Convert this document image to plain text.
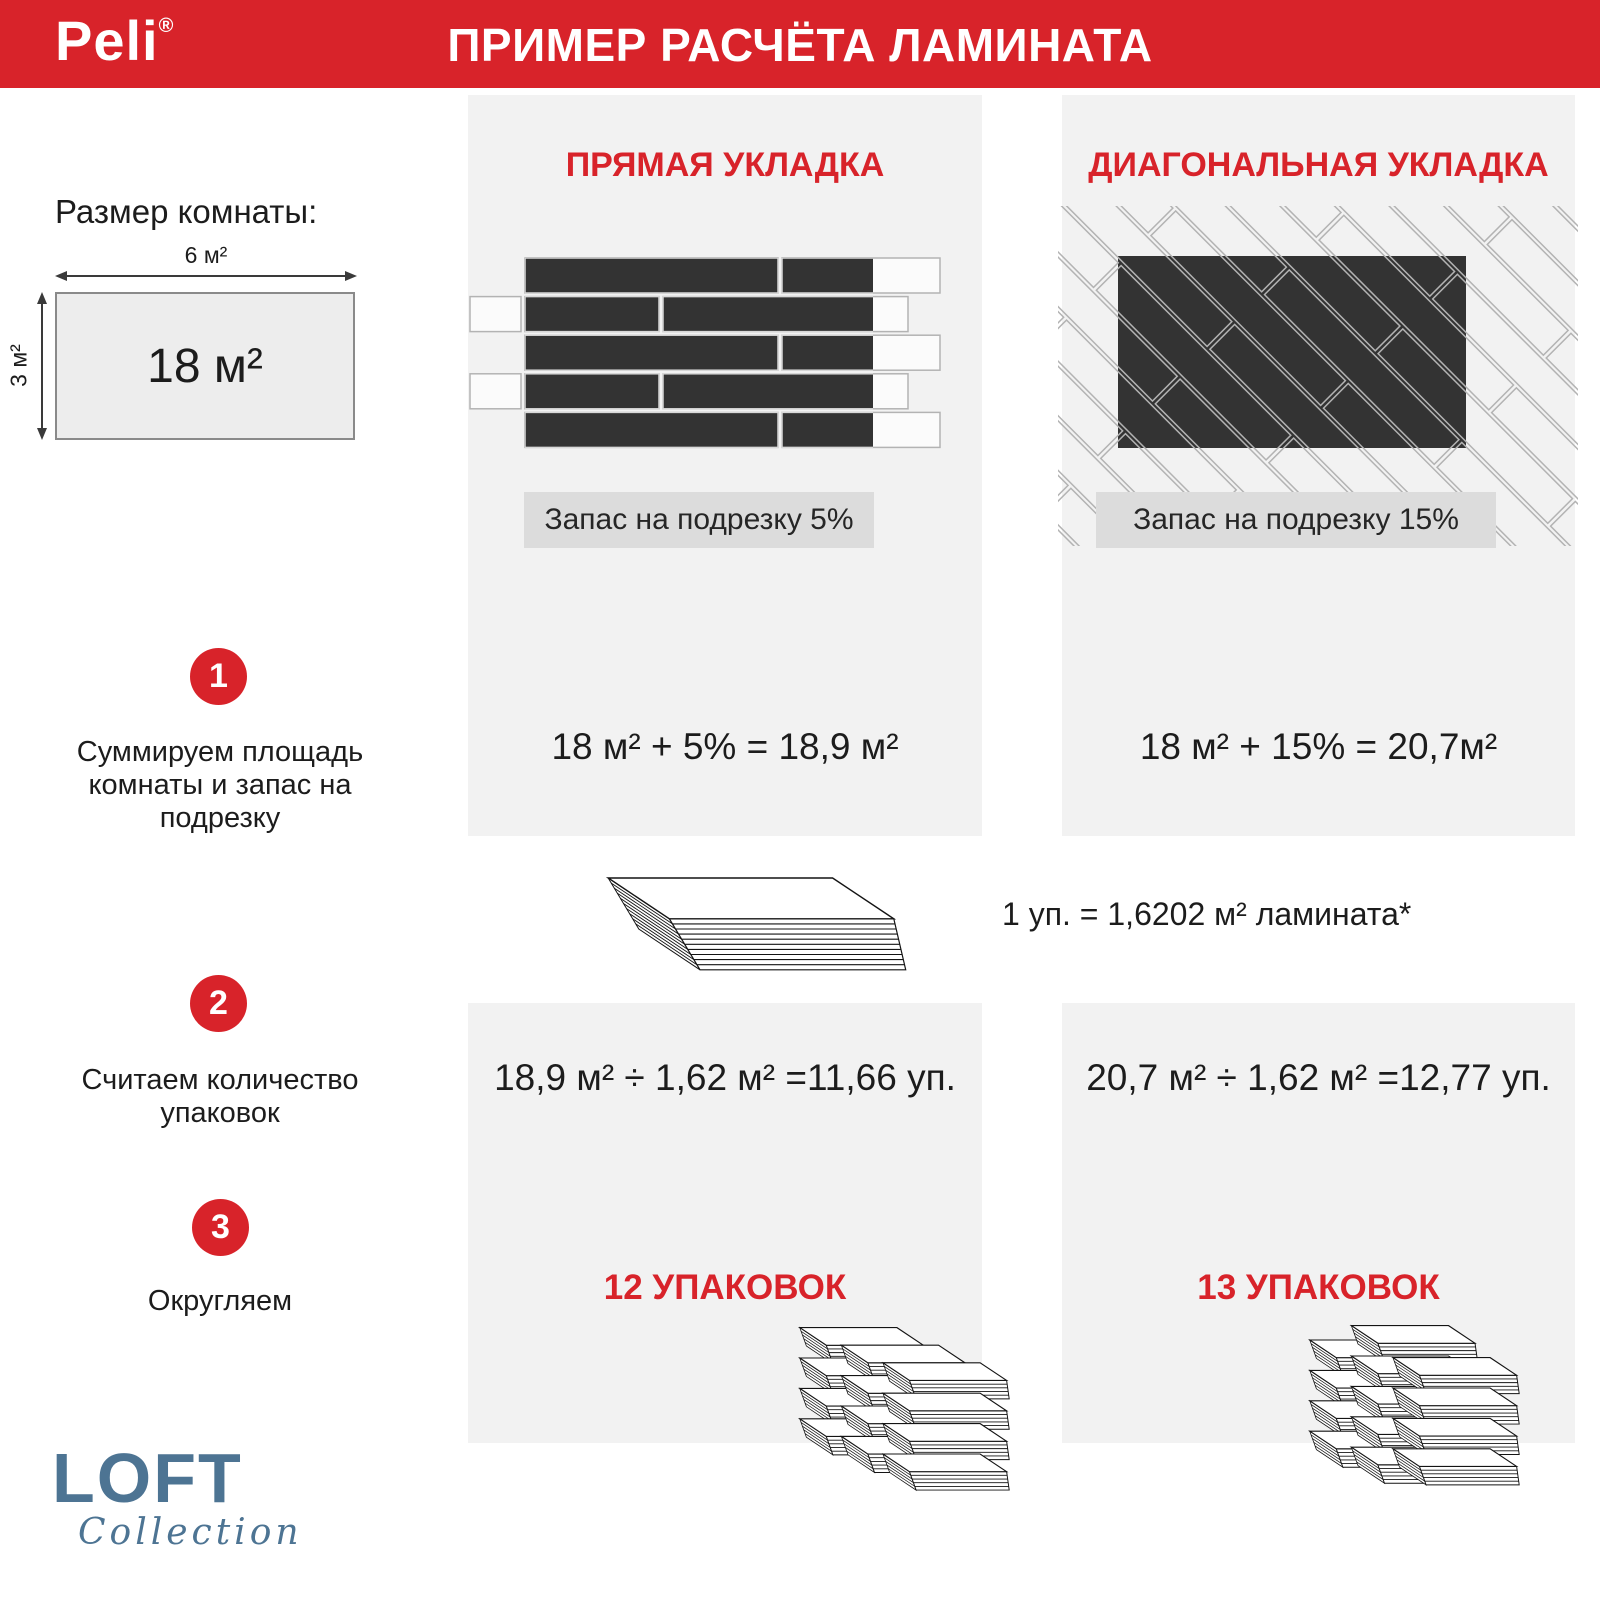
Peli®	ПРИМЕР РАСЧЁТА ЛАМИНАТА
Размер комнаты:
6 м²
3 м² 18 м²
ПРЯМАЯ УКЛАДКА	ДИАГОНАЛЬНАЯ УКЛАДКА
Запас на подрезку 5%	Запас на подрезку 15%
1
Суммируем площадь комнаты и запас на подрезку
18 м² + 5% = 18,9 м²	18 м² + 15% = 20,7м²
1 уп. = 1,6202 м² ламината*
2
Считаем количество упаковок
18,9 м² ÷ 1,62 м² =11,66 уп.	20,7 м² ÷ 1,62 м² =12,77 уп.
3
Округляем	12 УПАКОВОК	13 УПАКОВОК
LOFT
Collection
